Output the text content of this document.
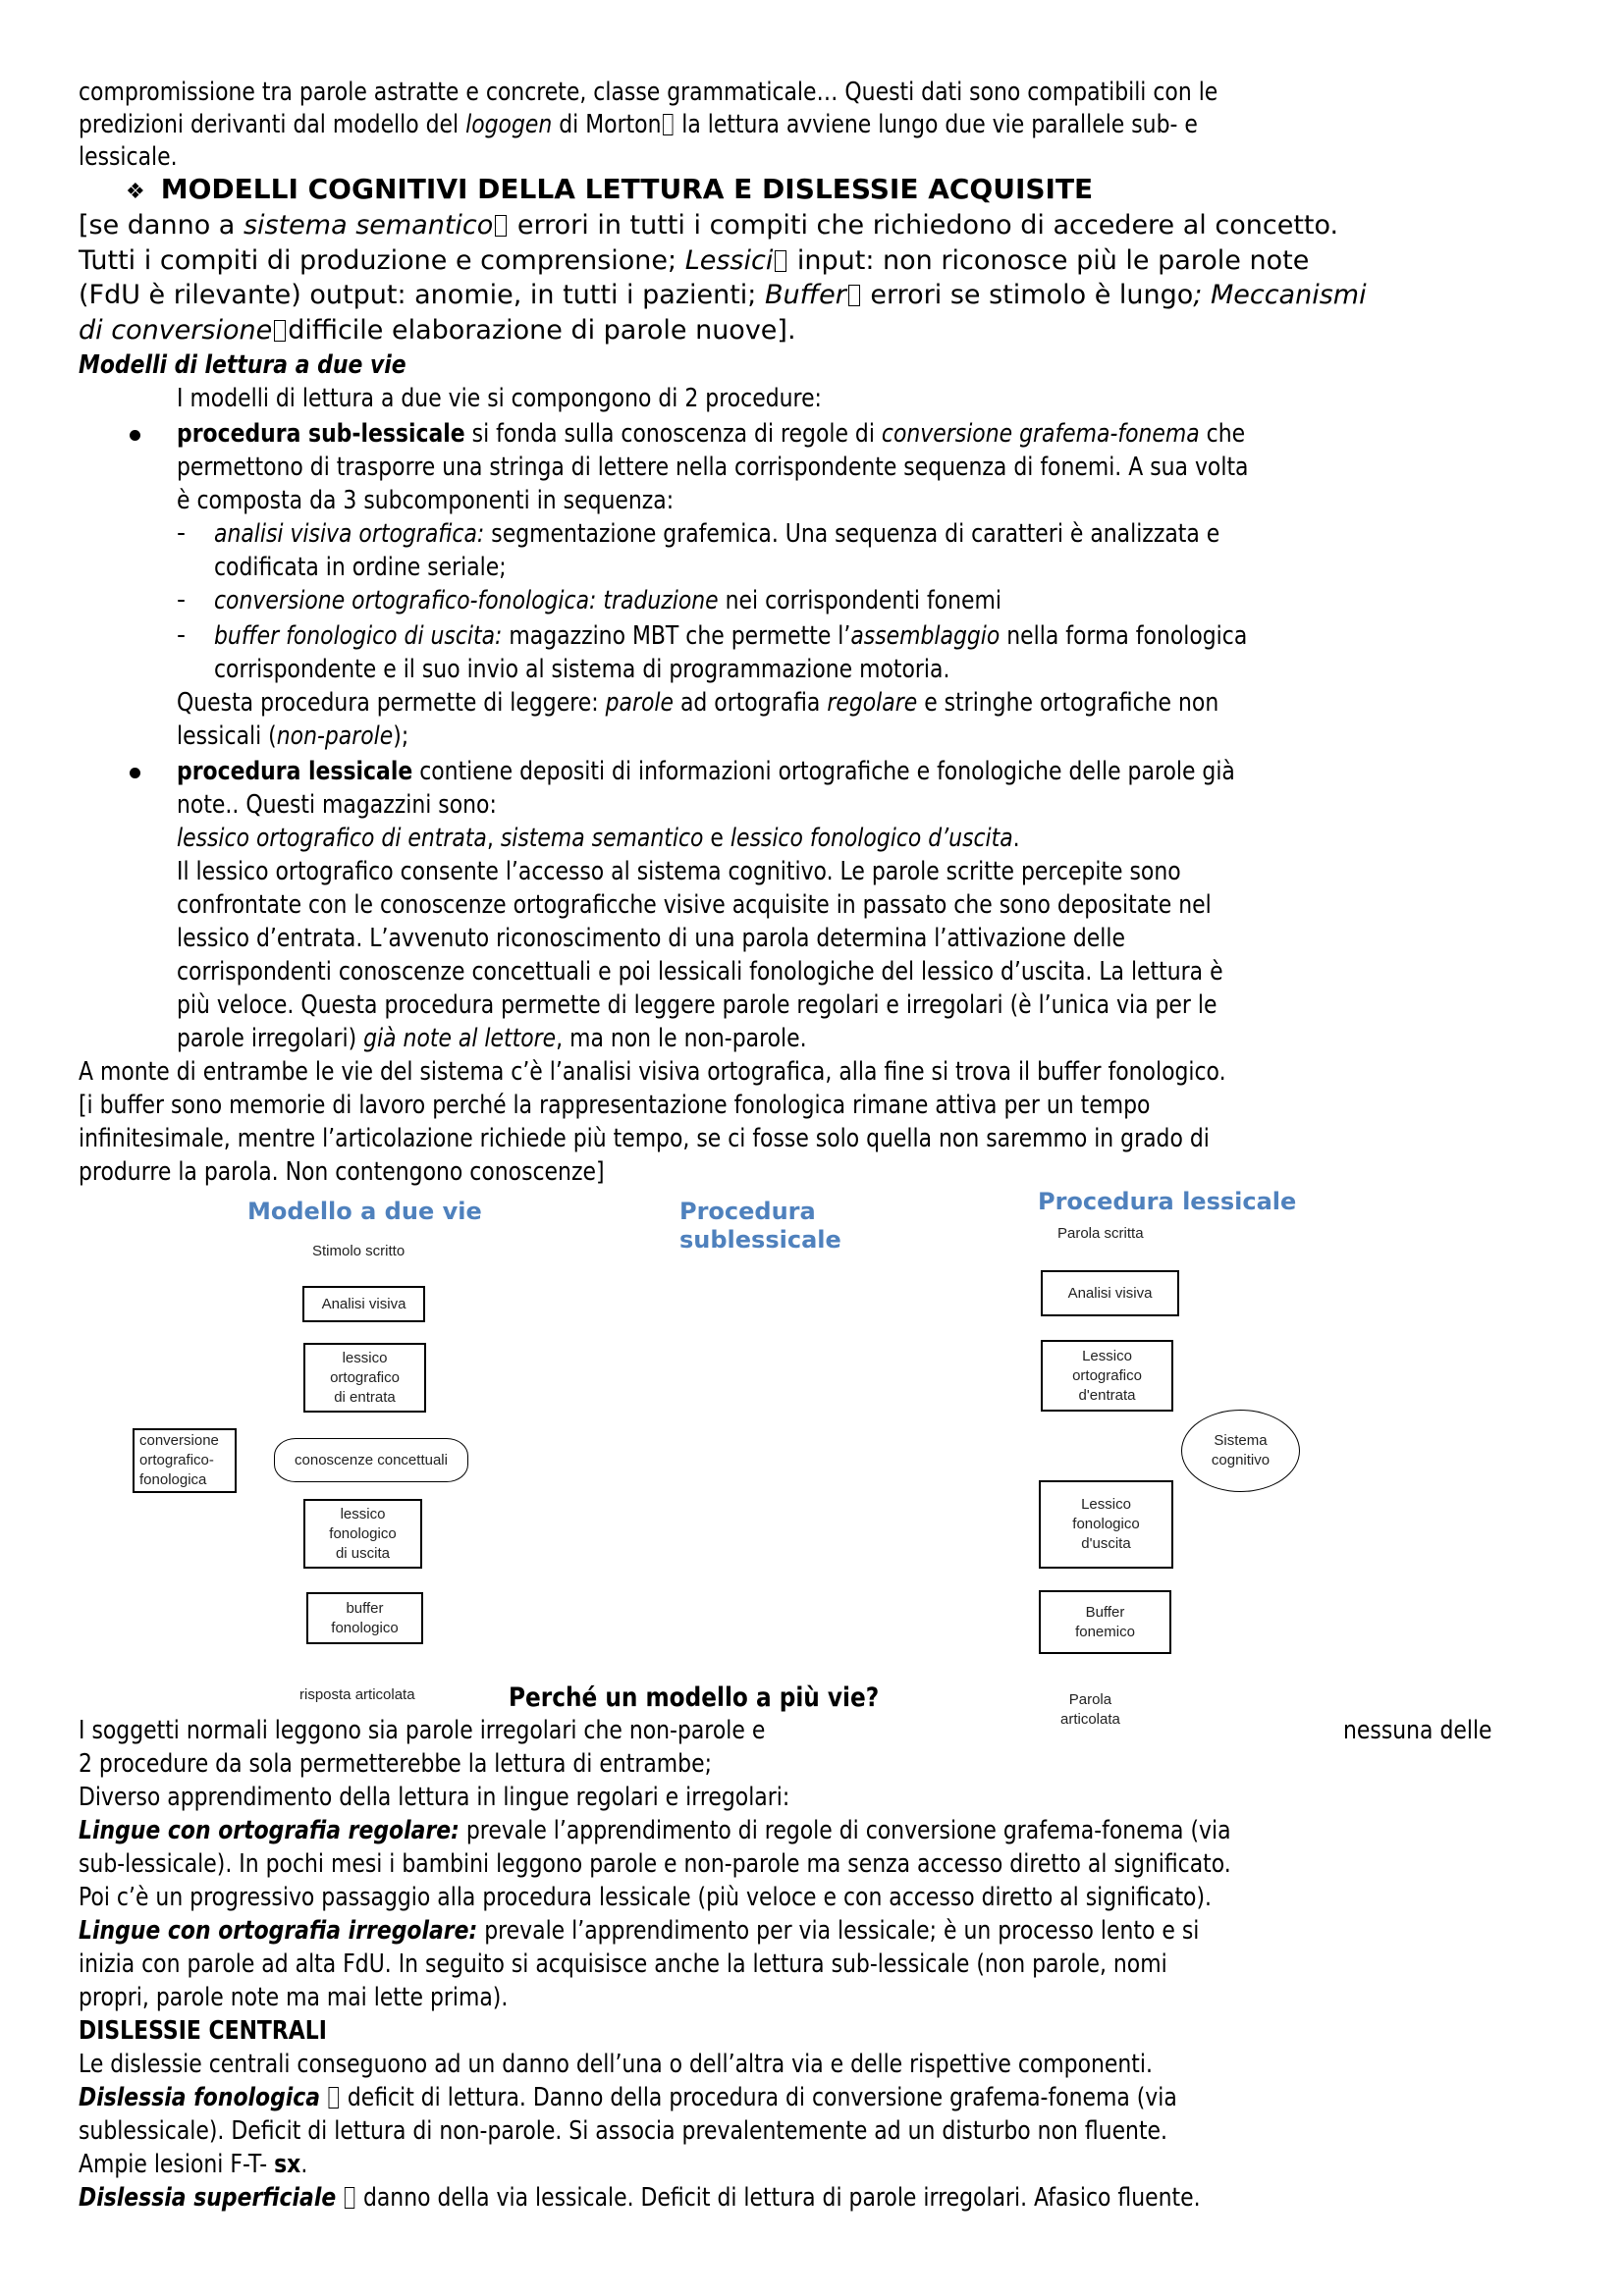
compromissione tra parole astratte e concrete, classe grammaticale… Questi dati sono compatibili con le
predizioni derivanti dal modello del logogen di Morton la lettura avviene lungo due vie parallele sub- e
lessicale.
❖ MODELLI COGNITIVI DELLA LETTURA E DISLESSIE ACQUISITE
[se danno a sistema semantico errori in tutti i compiti che richiedono di accedere al concetto.
Tutti i compiti di produzione e comprensione; Lessici input: non riconosce più le parole note
(FdU è rilevante) output: anomie, in tutti i pazienti; Buffer errori se stimolo è lungo; Meccanismi
di conversione difficile elaborazione di parole nuove].
Modelli di lettura a due vie
I modelli di lettura a due vie si compongono di 2 procedure:
procedura sub-lessicale si fonda sulla conoscenza di regole di conversione grafema-fonema che
permettono di trasporre una stringa di lettere nella corrispondente sequenza di fonemi. A sua volta
è composta da 3 subcomponenti in sequenza:
- analisi visiva ortografica: segmentazione grafemica. Una sequenza di caratteri è analizzata e
codificata in ordine seriale;
- conversione ortografico-fonologica: traduzione nei corrispondenti fonemi
- buffer fonologico di uscita: magazzino MBT che permette l’assemblaggio nella forma fonologica
corrispondente e il suo invio al sistema di programmazione motoria.
Questa procedura permette di leggere: parole ad ortografia regolare e stringhe ortografiche non
lessicali (non-parole);
procedura lessicale contiene depositi di informazioni ortografiche e fonologiche delle parole già
note.. Questi magazzini sono:
lessico ortografico di entrata, sistema semantico e lessico fonologico d’uscita.
Il lessico ortografico consente l’accesso al sistema cognitivo. Le parole scritte percepite sono
confrontate con le conoscenze ortograficche visive acquisite in passato che sono depositate nel
lessico d’entrata. L’avvenuto riconoscimento di una parola determina l’attivazione delle
corrispondenti conoscenze concettuali e poi lessicali fonologiche del lessico d’uscita. La lettura è
più veloce. Questa procedura permette di leggere parole regolari e irregolari (è l’unica via per le
parole irregolari) già note al lettore, ma non le non-parole.
A monte di entrambe le vie del sistema c’è l’analisi visiva ortografica, alla fine si trova il buffer fonologico.
[i buffer sono memorie di lavoro perché la rappresentazione fonologica rimane attiva per un tempo
infinitesimale, mentre l’articolazione richiede più tempo, se ci fosse solo quella non saremmo in grado di
produrre la parola. Non contengono conoscenze]
Modello a due vie
Stimolo scritto
Analisi visiva
lessico
ortografico
di entrata
conversione
ortografico-
fonologica
conoscenze concettuali
lessico
fonologico
di uscita
buffer
fonologico
risposta articolata
Procedura
sublessicale
Procedura lessicale
Parola scritta
Analisi visiva
Lessico
ortografico
d'entrata
Sistema
cognitivo
Lessico
fonologico
d'uscita
Buffer
fonemico
Parola
articolata
Perché un modello a più vie?
I soggetti normali leggono sia parole irregolari che non-parole e	nessuna delle
2 procedure da sola permetterebbe la lettura di entrambe;
Diverso apprendimento della lettura in lingue regolari e irregolari:
Lingue con ortografia regolare: prevale l’apprendimento di regole di conversione grafema-fonema (via
sub-lessicale). In pochi mesi i bambini leggono parole e non-parole ma senza accesso diretto al significato.
Poi c’è un progressivo passaggio alla procedura lessicale (più veloce e con accesso diretto al significato).
Lingue con ortografia irregolare: prevale l’apprendimento per via lessicale; è un processo lento e si
inizia con parole ad alta FdU. In seguito si acquisisce anche la lettura sub-lessicale (non parole, nomi
propri, parole note ma mai lette prima).
DISLESSIE CENTRALI
Le dislessie centrali conseguono ad un danno dell’una o dell’altra via e delle rispettive componenti.
Dislessia fonologica  deficit di lettura. Danno della procedura di conversione grafema-fonema (via
sublessicale). Deficit di lettura di non-parole. Si associa prevalentemente ad un disturbo non fluente.
Ampie lesioni F-T- sx.
Dislessia superficiale  danno della via lessicale. Deficit di lettura di parole irregolari. Afasico fluente.
